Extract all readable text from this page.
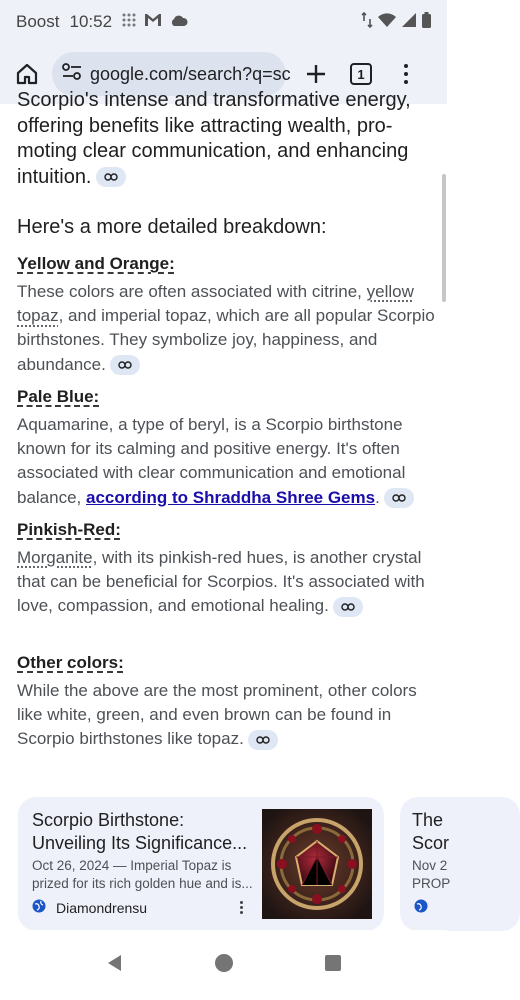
Boost 10:52
google.com/search?q=sc	1
Scorpio's intense and transformative energy,
offering benefits like attracting wealth, pro-
moting clear communication, and enhancing
intuition.
Here's a more detailed breakdown:
Yellow and Orange:
These colors are often associated with citrine, yellow topaz, and imperial topaz, which are all popular Scorpio birthstones. They symbolize joy, happiness, and abundance.
Pale Blue:
Aquamarine, a type of beryl, is a Scorpio birthstone known for its calming and positive energy. It's often associated with clear communication and emotional balance, according to Shraddha Shree Gems.
Pinkish-Red:
Morganite, with its pinkish-red hues, is another crystal that can be beneficial for Scorpios. It's associated with love, compassion, and emotional healing.
Other colors:
While the above are the most prominent, other colors like white, green, and even brown can be found in Scorpio birthstones like topaz.
Scorpio Birthstone: Unveiling Its Significance...
Oct 26, 2024 — Imperial Topaz is prized for its rich golden hue and is...
Diamondrensu
The
Scor
Nov 2
PROP
